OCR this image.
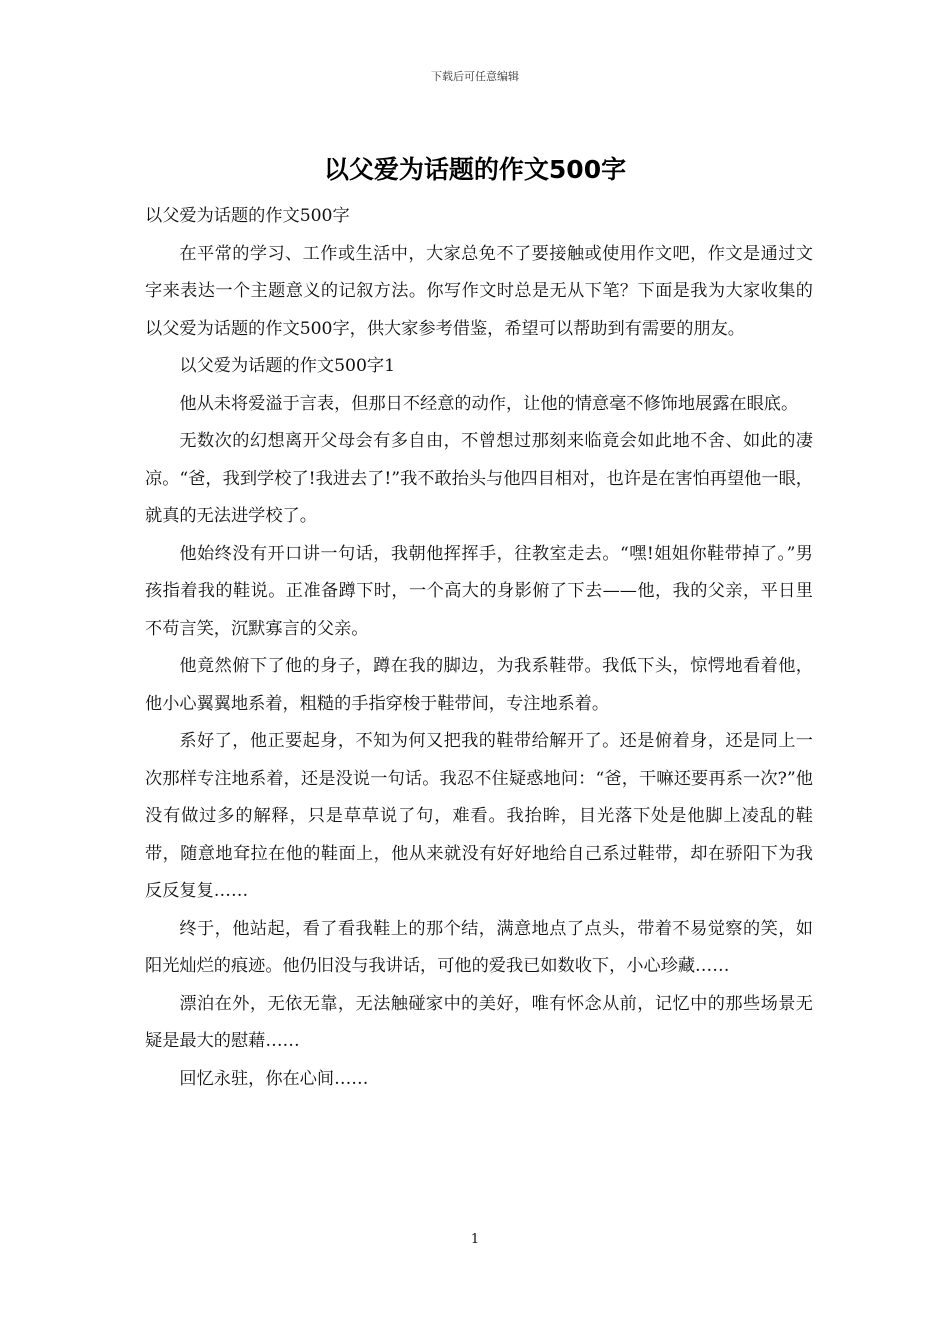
下载后可任意编辑
以父爱为话题的作文500字

以父爱为话题的作文500字

在平常的学习、工作或生活中，大家总免不了要接触或使用作文吧，作文是通过文字来表达一个主题意义的记叙方法。你写作文时总是无从下笔？下面是我为大家收集的以父爱为话题的作文500字，供大家参考借鉴，希望可以帮助到有需要的朋友。

以父爱为话题的作文500字1

他从未将爱溢于言表，但那日不经意的动作，让他的情意毫不修饰地展露在眼底。

无数次的幻想离开父母会有多自由，不曾想过那刻来临竟会如此地不舍、如此的凄凉。“爸，我到学校了!我进去了!”我不敢抬头与他四目相对，也许是在害怕再望他一眼，就真的无法进学校了。

他始终没有开口讲一句话，我朝他挥挥手，往教室走去。“嘿!姐姐你鞋带掉了。”男孩指着我的鞋说。正准备蹲下时，一个高大的身影俯了下去——他，我的父亲，平日里不苟言笑，沉默寡言的父亲。

他竟然俯下了他的身子，蹲在我的脚边，为我系鞋带。我低下头，惊愕地看着他，他小心翼翼地系着，粗糙的手指穿梭于鞋带间，专注地系着。

系好了，他正要起身，不知为何又把我的鞋带给解开了。还是俯着身，还是同上一次那样专注地系着，还是没说一句话。我忍不住疑惑地问：“爸，干嘛还要再系一次?”他没有做过多的解释，只是草草说了句，难看。我抬眸，目光落下处是他脚上凌乱的鞋带，随意地耷拉在他的鞋面上，他从来就没有好好地给自己系过鞋带，却在骄阳下为我反反复复……

终于，他站起，看了看我鞋上的那个结，满意地点了点头，带着不易觉察的笑，如阳光灿烂的痕迹。他仍旧没与我讲话，可他的爱我已如数收下，小心珍藏……

漂泊在外，无依无靠，无法触碰家中的美好，唯有怀念从前，记忆中的那些场景无疑是最大的慰藉……

回忆永驻，你在心间……

1
